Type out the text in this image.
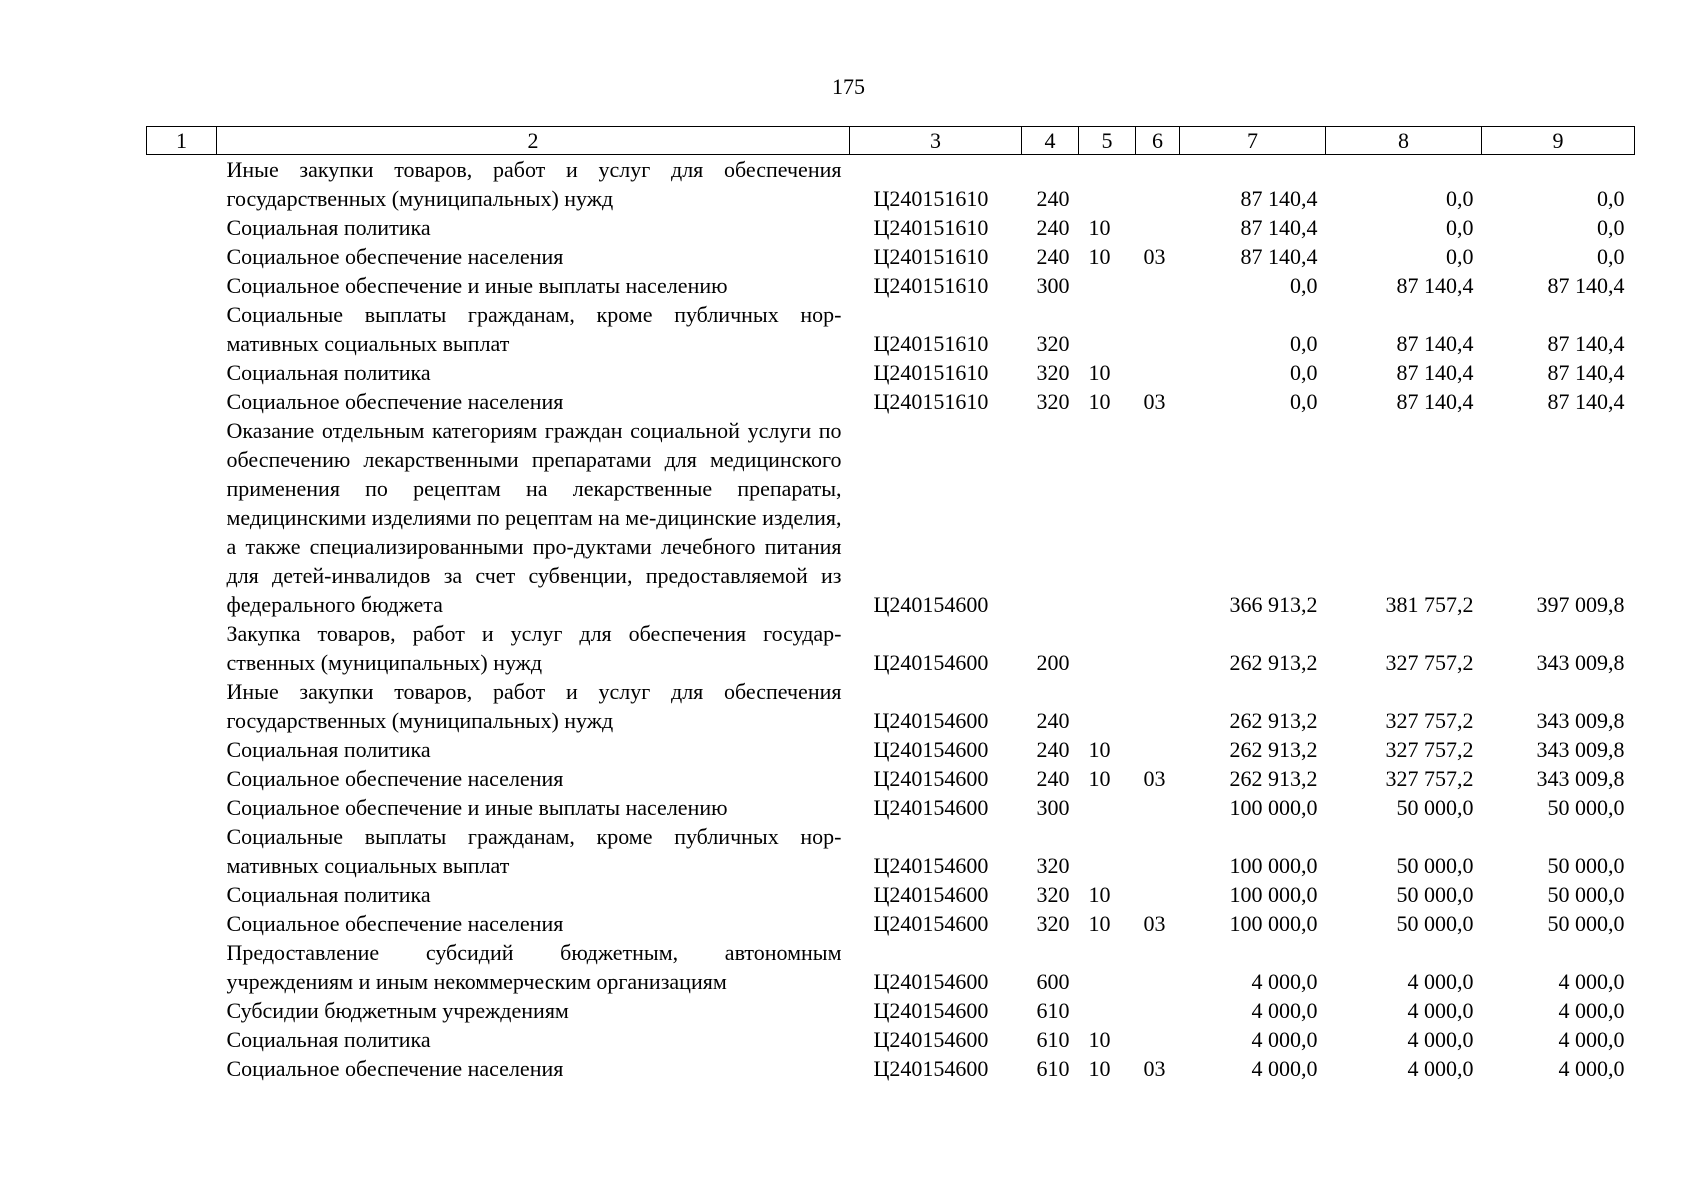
175
1	2	3	4	5	6	7	8	9
	Иные закупки товаров, работ и услуг для обеспечения государственных (муниципальных) нужд	Ц240151610	240			87 140,4	0,0	0,0
	Социальная политика	Ц240151610	240	10		87 140,4	0,0	0,0
	Социальное обеспечение населения	Ц240151610	240	10	03	87 140,4	0,0	0,0
	Социальное обеспечение и иные выплаты населению	Ц240151610	300			0,0	87 140,4	87 140,4
	Социальные выплаты гражданам, кроме публичных нор-мативных социальных выплат	Ц240151610	320			0,0	87 140,4	87 140,4
	Социальная политика	Ц240151610	320	10		0,0	87 140,4	87 140,4
	Социальное обеспечение населения	Ц240151610	320	10	03	0,0	87 140,4	87 140,4
	Оказание отдельным категориям граждан социальной услуги по обеспечению лекарственными препаратами для медицинского применения по рецептам на лекарственные препараты, медицинскими изделиями по рецептам на ме-дицинские изделия, а также специализированными про-дуктами лечебного питания для детей-инвалидов за счет субвенции, предоставляемой из федерального бюджета	Ц240154600				366 913,2	381 757,2	397 009,8
	Закупка товаров, работ и услуг для обеспечения государ-ственных (муниципальных) нужд	Ц240154600	200			262 913,2	327 757,2	343 009,8
	Иные закупки товаров, работ и услуг для обеспечения государственных (муниципальных) нужд	Ц240154600	240			262 913,2	327 757,2	343 009,8
	Социальная политика	Ц240154600	240	10		262 913,2	327 757,2	343 009,8
	Социальное обеспечение населения	Ц240154600	240	10	03	262 913,2	327 757,2	343 009,8
	Социальное обеспечение и иные выплаты населению	Ц240154600	300			100 000,0	50 000,0	50 000,0
	Социальные выплаты гражданам, кроме публичных нор-мативных социальных выплат	Ц240154600	320			100 000,0	50 000,0	50 000,0
	Социальная политика	Ц240154600	320	10		100 000,0	50 000,0	50 000,0
	Социальное обеспечение населения	Ц240154600	320	10	03	100 000,0	50 000,0	50 000,0
	Предоставление субсидий бюджетным, автономным учреждениям и иным некоммерческим организациям	Ц240154600	600			4 000,0	4 000,0	4 000,0
	Субсидии бюджетным учреждениям	Ц240154600	610			4 000,0	4 000,0	4 000,0
	Социальная политика	Ц240154600	610	10		4 000,0	4 000,0	4 000,0
	Социальное обеспечение населения	Ц240154600	610	10	03	4 000,0	4 000,0	4 000,0
